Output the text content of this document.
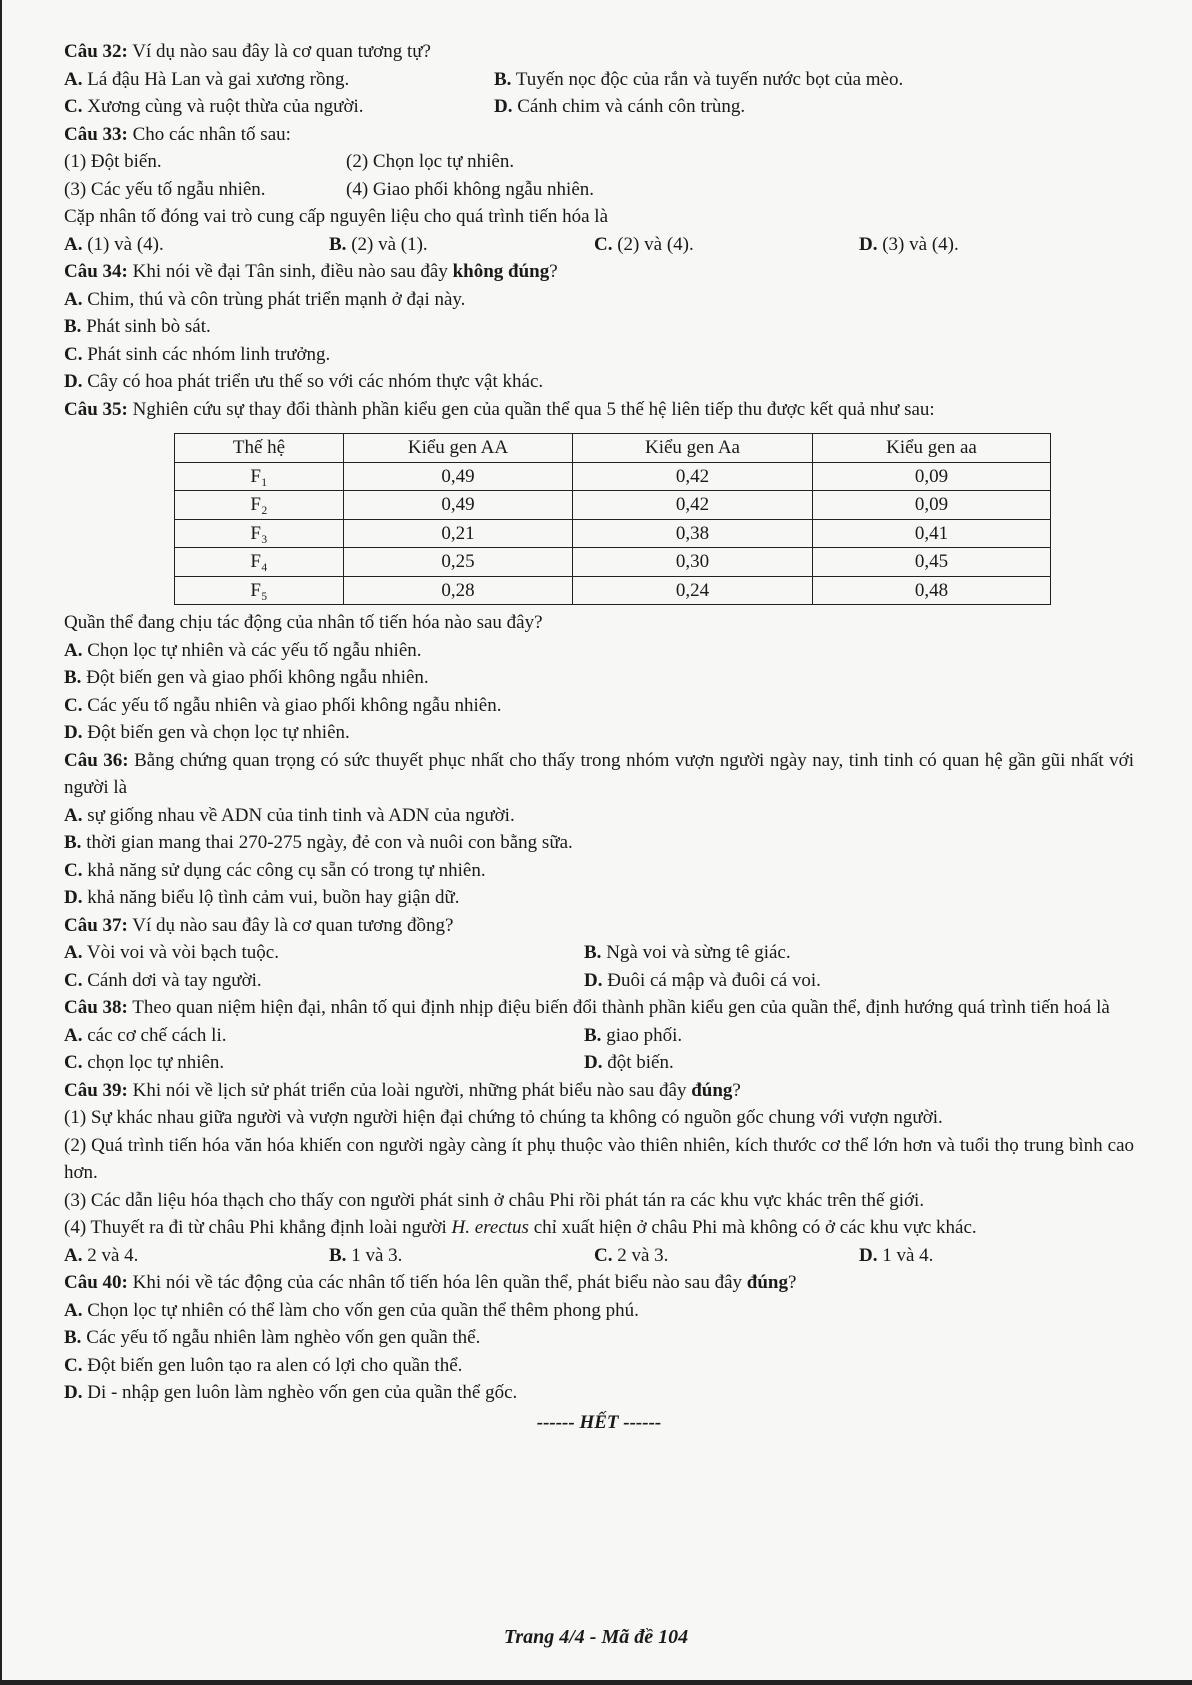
Câu 32: Ví dụ nào sau đây là cơ quan tương tự?
A. Lá đậu Hà Lan và gai xương rồng.	B. Tuyến nọc độc của rắn và tuyến nước bọt của mèo.
C. Xương cùng và ruột thừa của người.	D. Cánh chim và cánh côn trùng.
Câu 33: Cho các nhân tố sau:
(1) Đột biến.	(2) Chọn lọc tự nhiên.
(3) Các yếu tố ngẫu nhiên.	(4) Giao phối không ngẫu nhiên.
Cặp nhân tố đóng vai trò cung cấp nguyên liệu cho quá trình tiến hóa là
A. (1) và (4).	B. (2) và (1).	C. (2) và (4).	D. (3) và (4).
Câu 34: Khi nói về đại Tân sinh, điều nào sau đây không đúng?
A. Chim, thú và côn trùng phát triển mạnh ở đại này.
B. Phát sinh bò sát.
C. Phát sinh các nhóm linh trưởng.
D. Cây có hoa phát triển ưu thế so với các nhóm thực vật khác.
Câu 35: Nghiên cứu sự thay đổi thành phần kiểu gen của quần thể qua 5 thế hệ liên tiếp thu được kết quả như sau:
Thế hệ	Kiểu gen AA	Kiểu gen Aa	Kiểu gen aa
F₁	0,49	0,42	0,09
F₂	0,49	0,42	0,09
F₃	0,21	0,38	0,41
F₄	0,25	0,30	0,45
F₅	0,28	0,24	0,48
Quần thể đang chịu tác động của nhân tố tiến hóa nào sau đây?
A. Chọn lọc tự nhiên và các yếu tố ngẫu nhiên.
B. Đột biến gen và giao phối không ngẫu nhiên.
C. Các yếu tố ngẫu nhiên và giao phối không ngẫu nhiên.
D. Đột biến gen và chọn lọc tự nhiên.
Câu 36: Bằng chứng quan trọng có sức thuyết phục nhất cho thấy trong nhóm vượn người ngày nay, tinh tinh có quan hệ gần gũi nhất với người là
A. sự giống nhau về ADN của tinh tinh và ADN của người.
B. thời gian mang thai 270-275 ngày, đẻ con và nuôi con bằng sữa.
C. khả năng sử dụng các công cụ sẵn có trong tự nhiên.
D. khả năng biểu lộ tình cảm vui, buồn hay giận dữ.
Câu 37: Ví dụ nào sau đây là cơ quan tương đồng?
A. Vòi voi và vòi bạch tuộc.	B. Ngà voi và sừng tê giác.
C. Cánh dơi và tay người.	D. Đuôi cá mập và đuôi cá voi.
Câu 38: Theo quan niệm hiện đại, nhân tố qui định nhịp điệu biến đổi thành phần kiểu gen của quần thể, định hướng quá trình tiến hoá là
A. các cơ chế cách li.	B. giao phối.
C. chọn lọc tự nhiên.	D. đột biến.
Câu 39: Khi nói về lịch sử phát triển của loài người, những phát biểu nào sau đây đúng?
(1) Sự khác nhau giữa người và vượn người hiện đại chứng tỏ chúng ta không có nguồn gốc chung với vượn người.
(2) Quá trình tiến hóa văn hóa khiến con người ngày càng ít phụ thuộc vào thiên nhiên, kích thước cơ thể lớn hơn và tuổi thọ trung bình cao hơn.
(3) Các dẫn liệu hóa thạch cho thấy con người phát sinh ở châu Phi rồi phát tán ra các khu vực khác trên thế giới.
(4) Thuyết ra đi từ châu Phi khẳng định loài người H. erectus chỉ xuất hiện ở châu Phi mà không có ở các khu vực khác.
A. 2 và 4.	B. 1 và 3.	C. 2 và 3.	D. 1 và 4.
Câu 40: Khi nói về tác động của các nhân tố tiến hóa lên quần thể, phát biểu nào sau đây đúng?
A. Chọn lọc tự nhiên có thể làm cho vốn gen của quần thể thêm phong phú.
B. Các yếu tố ngẫu nhiên làm nghèo vốn gen quần thể.
C. Đột biến gen luôn tạo ra alen có lợi cho quần thể.
D. Di - nhập gen luôn làm nghèo vốn gen của quần thể gốc.
------ HẾT ------
Trang 4/4 - Mã đề 104
